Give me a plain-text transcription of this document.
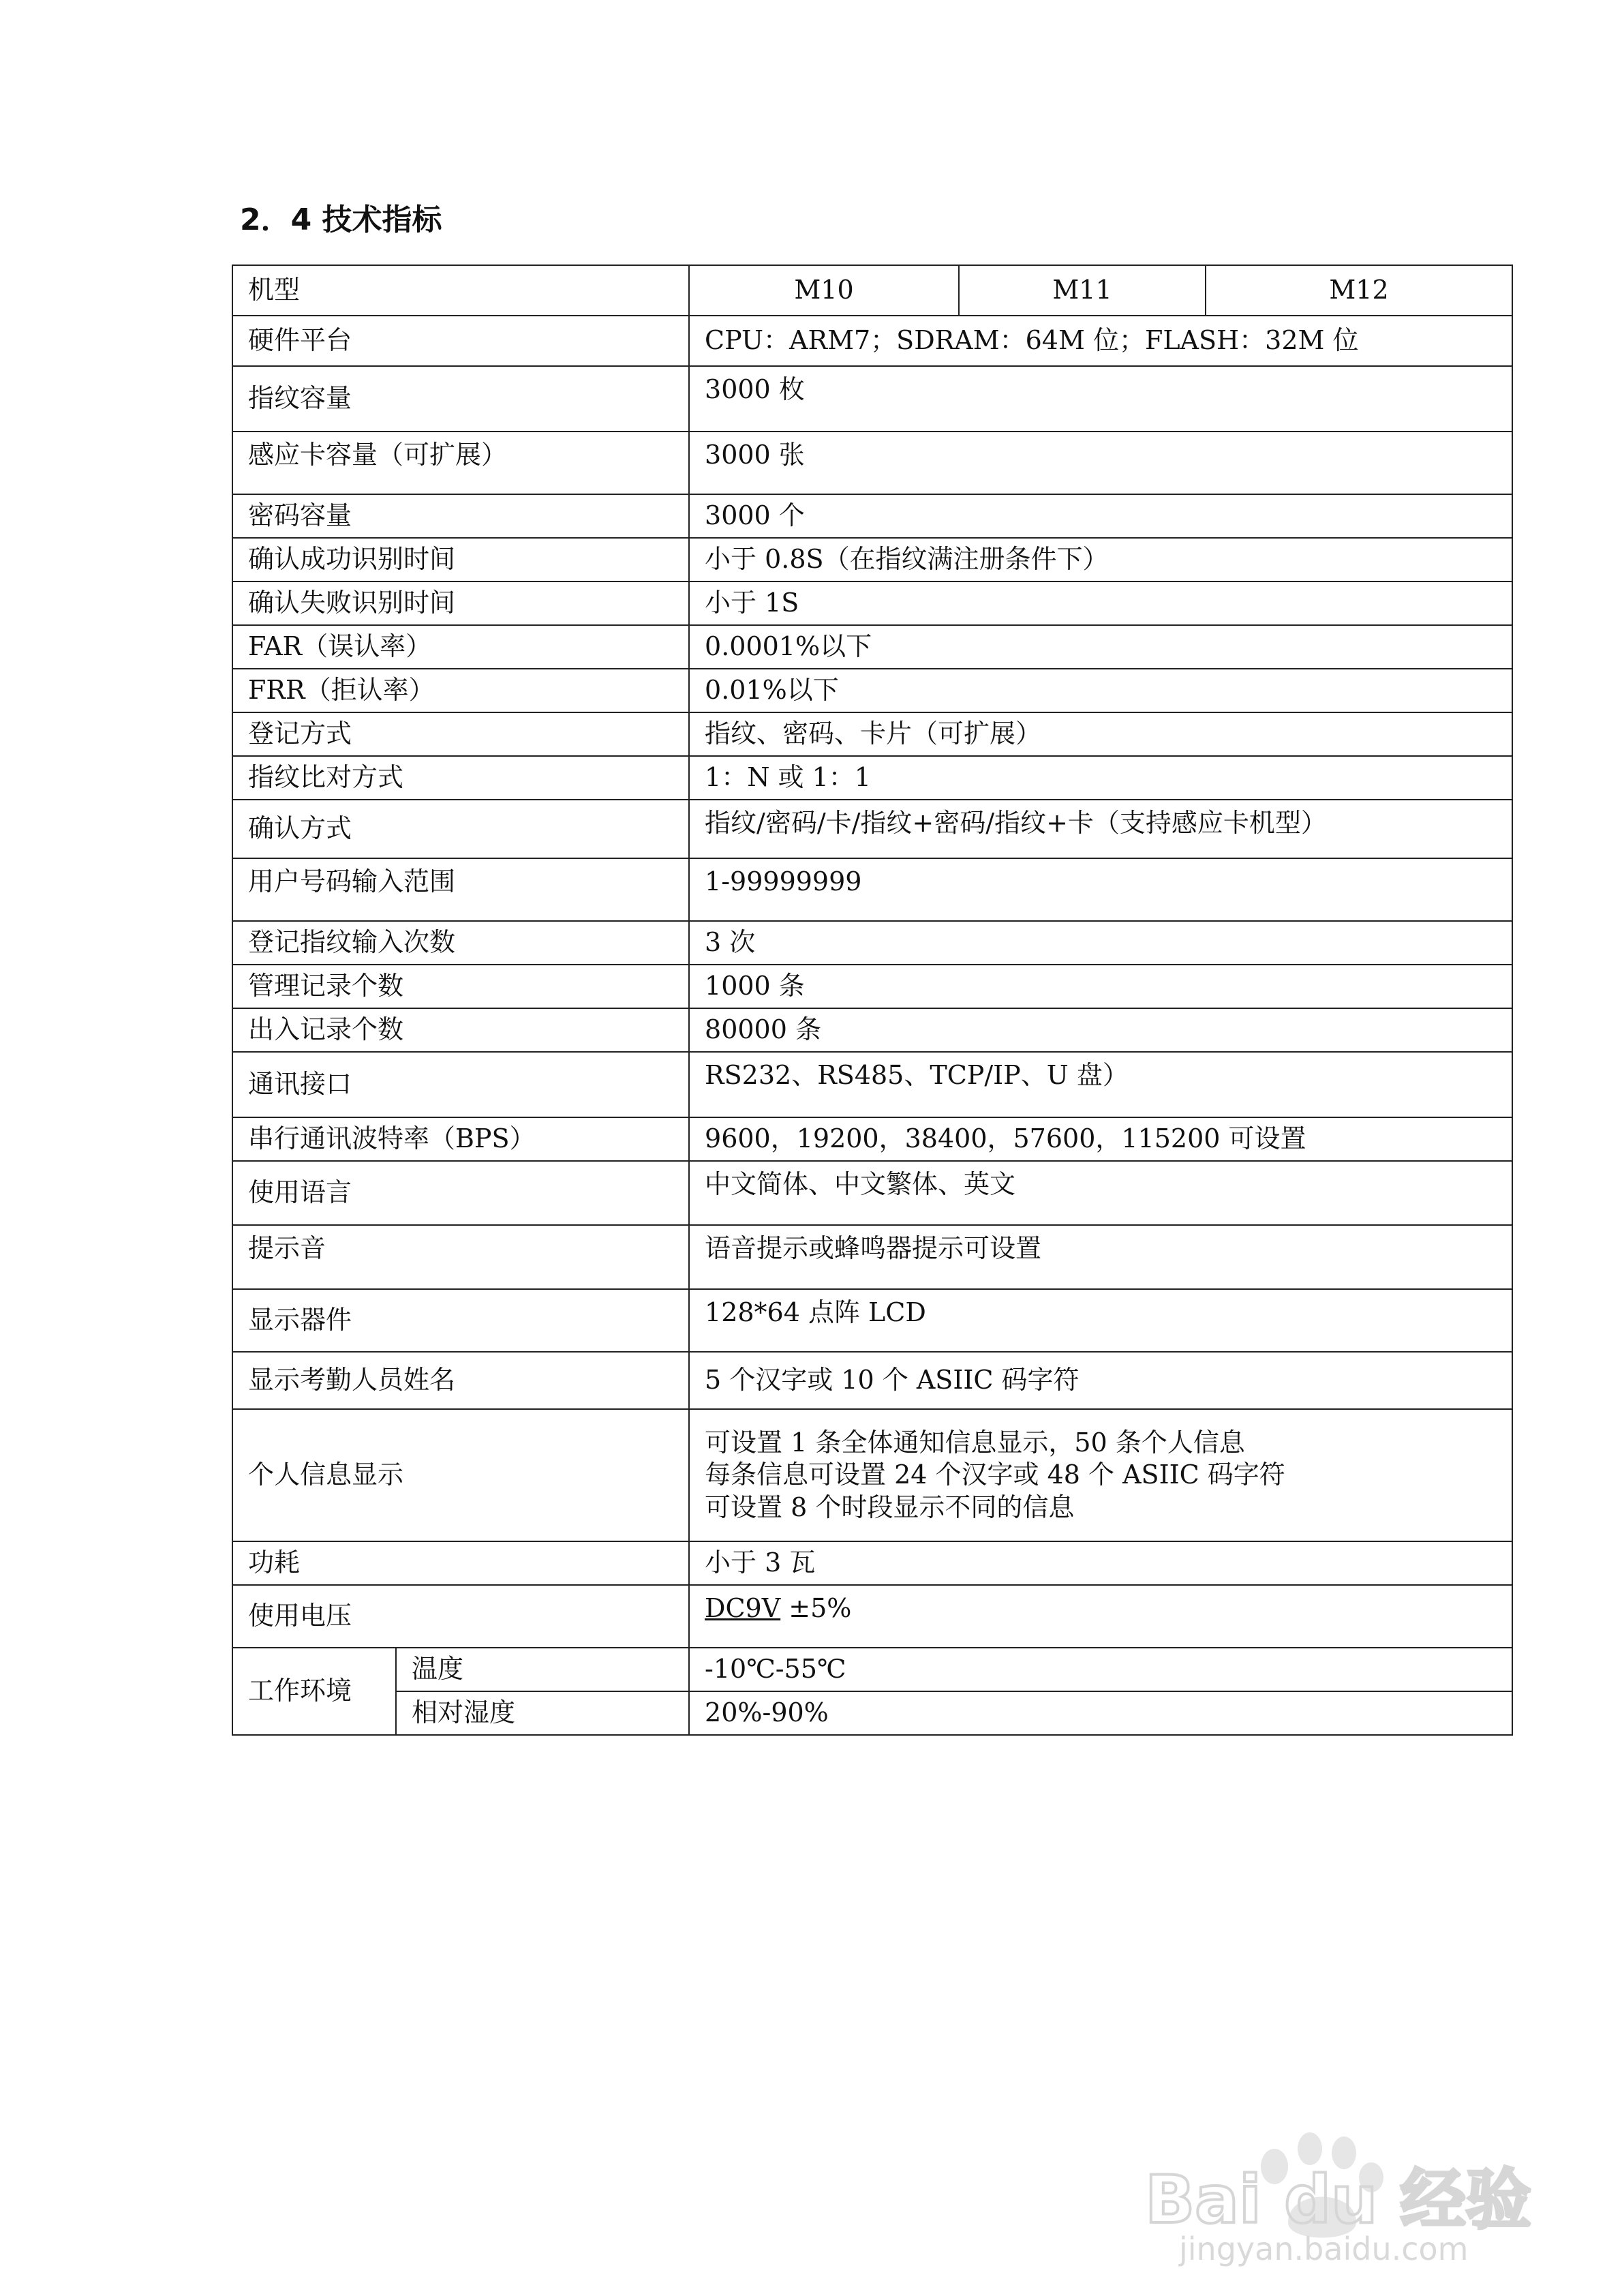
2．4 技术指标
机型		M10	M11	M12
硬件平台		CPU：ARM7；SDRAM：64M 位；FLASH：32M 位		
指纹容量		3000 枚		
感应卡容量（可扩展）		3000 张		
密码容量		3000 个		
确认成功识别时间		小于 0.8S（在指纹满注册条件下）		
确认失败识别时间		小于 1S		
FAR（误认率）		0.0001%以下		
FRR（拒认率）		0.01%以下		
登记方式		指纹、密码、卡片（可扩展）		
指纹比对方式		1：N 或 1：1		
确认方式		指纹/密码/卡/指纹+密码/指纹+卡（支持感应卡机型）		
用户号码输入范围		1-99999999		
登记指纹输入次数		3 次		
管理记录个数		1000 条		
出入记录个数		80000 条		
通讯接口		RS232、RS485、TCP/IP、U 盘）		
串行通讯波特率（BPS）		9600，19200，38400，57600，115200 可设置		
使用语言		中文简体、中文繁体、英文		
提示音		语音提示或蜂鸣器提示可设置		
显示器件		128*64 点阵 LCD		
显示考勤人员姓名		5 个汉字或 10 个 ASIIC 码字符		
个人信息显示		可设置 1 条全体通知信息显示，50 条个人信息
每条信息可设置 24 个汉字或 48 个 ASIIC 码字符
可设置 8 个时段显示不同的信息		

功耗		小于 3 瓦		
使用电压		DC9V ±5%		
工作环境	温度	-10℃-55℃		
	相对湿度	20%-90%		
Bai du 经验
jingyan.baidu.com
